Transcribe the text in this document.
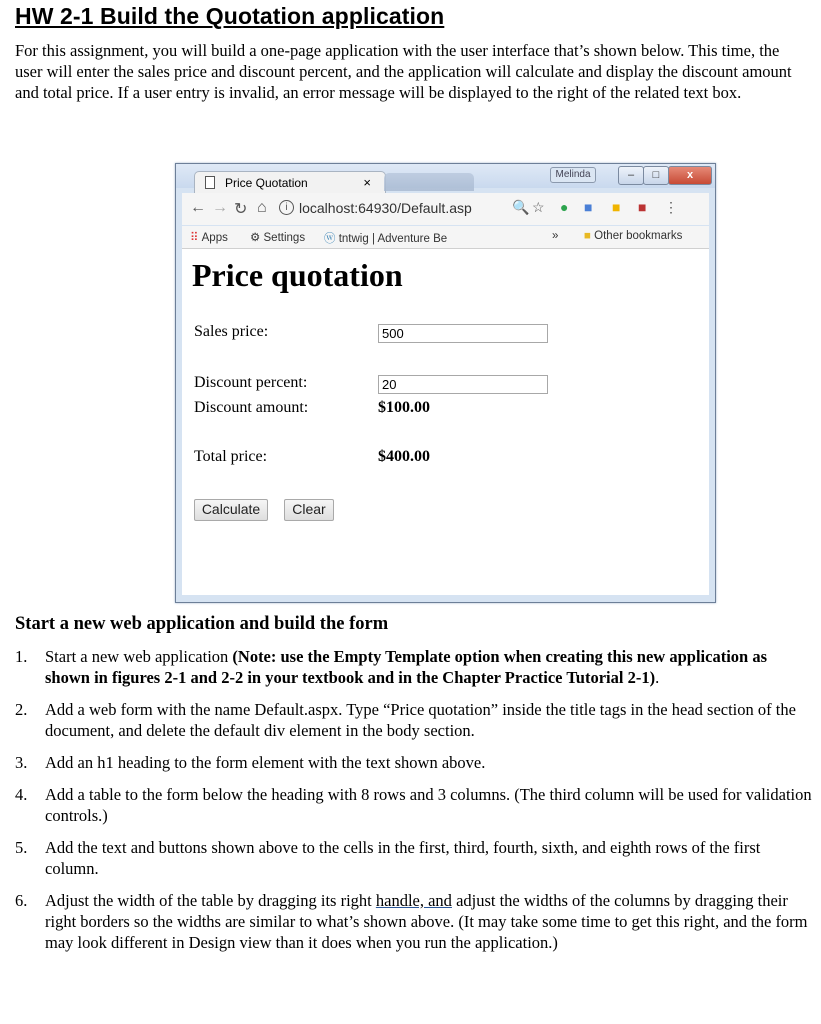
HW 2-1 Build the Quotation application

For this assignment, you will build a one-page application with the user interface that’s shown below. This time, the user will enter the sales price and discount percent, and the application will calculate and display the discount amount and total price. If a user entry is invalid, an error message will be displayed to the right of the related text box.

Price Quotation	×
Melinda	–	□	x
← → ↻ ⌂	i localhost:64930/Default.asp	🔍 ☆ ● ■ ■ ■ ⋮
⠿ Apps ⚙ Settings ⓦ tntwig | Adventure Be	» ■ Other bookmarks
Price quotation
Sales price:	500
Discount percent:	20
Discount amount:	$100.00
Total price:	$400.00
Calculate	Clear
Start a new web application and build the form
1. Start a new web application (Note: use the Empty Template option when creating this new application as shown in figures 2-1 and 2-2 in your textbook and in the Chapter Practice Tutorial 2-1).
2. Add a web form with the name Default.aspx. Type “Price quotation” inside the title tags in the head section of the document, and delete the default div element in the body section.
3. Add an h1 heading to the form element with the text shown above.
4. Add a table to the form below the heading with 8 rows and 3 columns. (The third column will be used for validation controls.)
5. Add the text and buttons shown above to the cells in the first, third, fourth, sixth, and eighth rows of the first column.
6. Adjust the width of the table by dragging its right handle, and adjust the widths of the columns by dragging their right borders so the widths are similar to what’s shown above. (It may take some time to get this right, and the form may look different in Design view than it does when you run the application.)
